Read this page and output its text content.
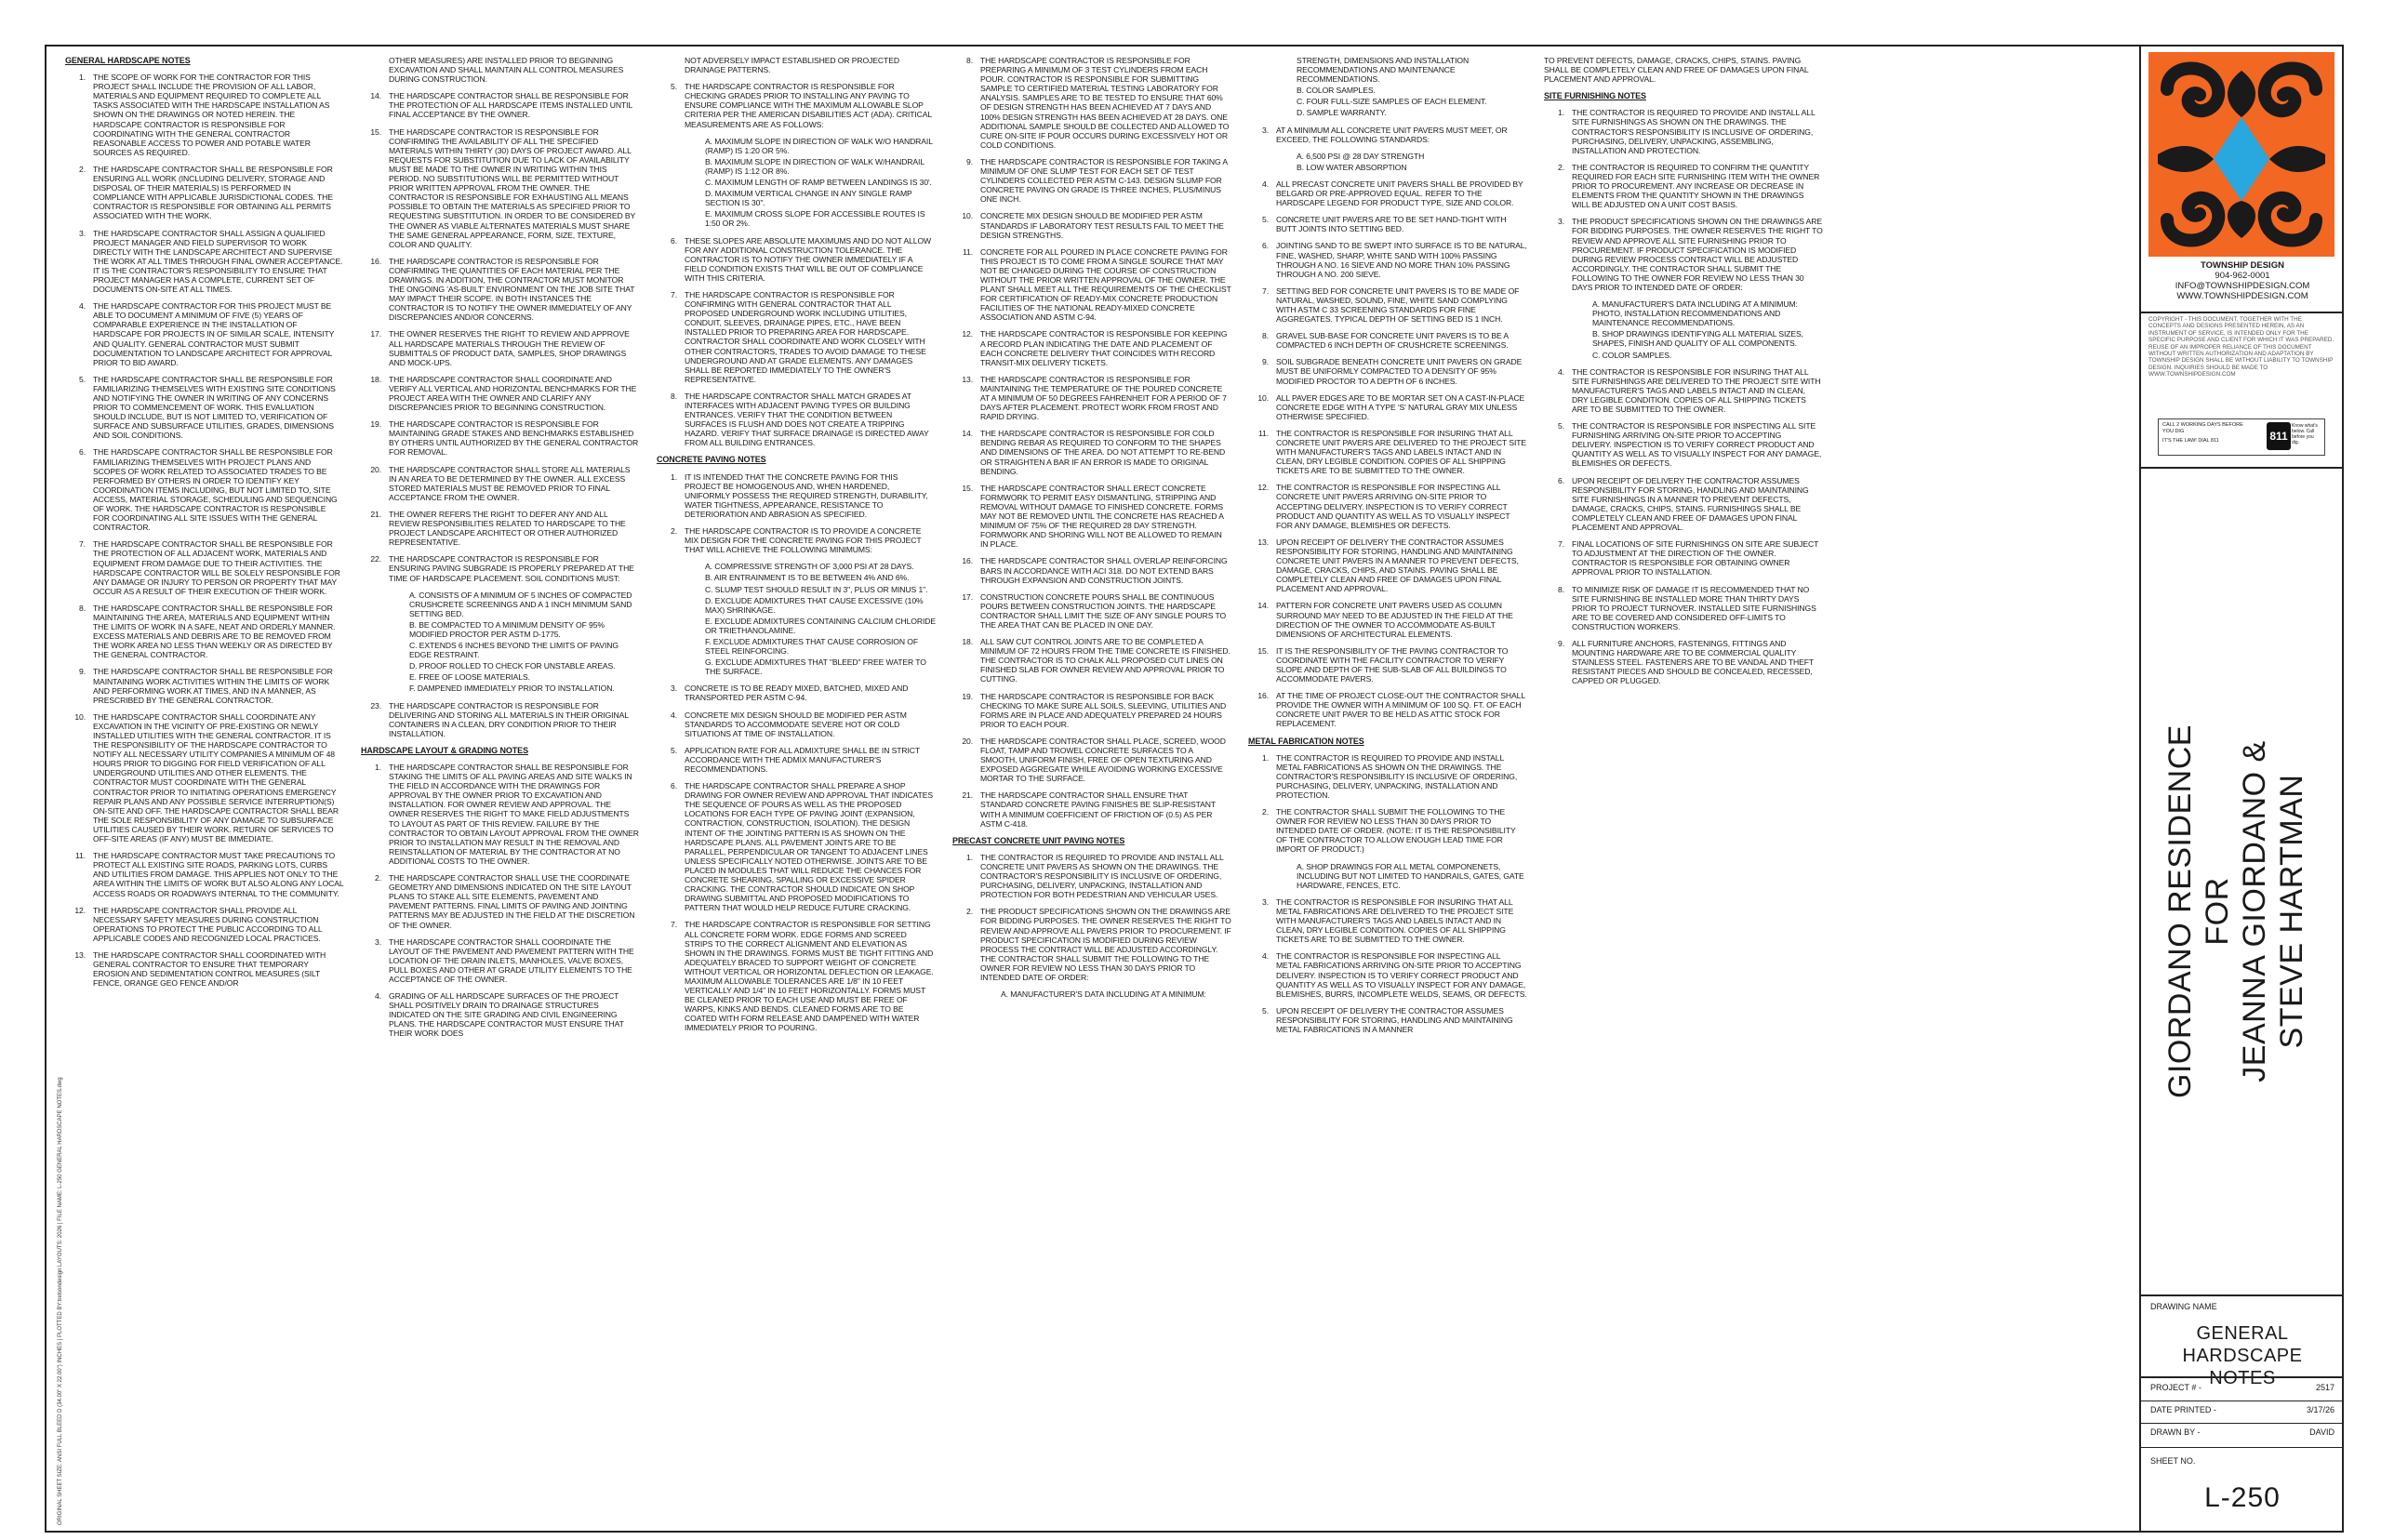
GENERAL HARDSCAPE NOTES
1. THE SCOPE OF WORK FOR THE CONTRACTOR FOR THIS PROJECT SHALL INCLUDE THE PROVISION OF ALL LABOR, MATERIALS AND EQUIPMENT REQUIRED TO COMPLETE ALL TASKS ASSOCIATED WITH THE HARDSCAPE INSTALLATION AS SHOWN ON THE DRAWINGS OR NOTED HEREIN. THE HARDSCAPE CONTRACTOR IS RESPONSIBLE FOR COORDINATING WITH THE GENERAL CONTRACTOR REASONABLE ACCESS TO POWER AND POTABLE WATER SOURCES AS REQUIRED.
2. THE HARDSCAPE CONTRACTOR SHALL BE RESPONSIBLE FOR ENSURING ALL WORK (INCLUDING DELIVERY, STORAGE AND DISPOSAL OF THEIR MATERIALS) IS PERFORMED IN COMPLIANCE WITH APPLICABLE JURISDICTIONAL CODES. THE CONTRACTOR IS RESPONSIBLE FOR OBTAINING ALL PERMITS ASSOCIATED WITH THE WORK.
3. THE HARDSCAPE CONTRACTOR SHALL ASSIGN A QUALIFIED PROJECT MANAGER AND FIELD SUPERVISOR TO WORK DIRECTLY WITH THE LANDSCAPE ARCHITECT AND SUPERVISE THE WORK AT ALL TIMES THROUGH FINAL OWNER ACCEPTANCE. IT IS THE CONTRACTOR'S RESPONSIBILITY TO ENSURE THAT PROJECT MANAGER HAS A COMPLETE, CURRENT SET OF DOCUMENTS ON-SITE AT ALL TIMES.
4. THE HARDSCAPE CONTRACTOR FOR THIS PROJECT MUST BE ABLE TO DOCUMENT A MINIMUM OF FIVE (5) YEARS OF COMPARABLE EXPERIENCE IN THE INSTALLATION OF HARDSCAPE FOR PROJECTS IN OF SIMILAR SCALE, INTENSITY AND QUALITY. GENERAL CONTRACTOR MUST SUBMIT DOCUMENTATION TO LANDSCAPE ARCHITECT FOR APPROVAL PRIOR TO BID AWARD.
5. THE HARDSCAPE CONTRACTOR SHALL BE RESPONSIBLE FOR FAMILIARIZING THEMSELVES WITH EXISTING SITE CONDITIONS AND NOTIFYING THE OWNER IN WRITING OF ANY CONCERNS PRIOR TO COMMENCEMENT OF WORK. THIS EVALUATION SHOULD INCLUDE, BUT IS NOT LIMITED TO, VERIFICATION OF SURFACE AND SUBSURFACE UTILITIES, GRADES, DIMENSIONS AND SOIL CONDITIONS.
6. THE HARDSCAPE CONTRACTOR SHALL BE RESPONSIBLE FOR FAMILIARIZING THEMSELVES WITH PROJECT PLANS AND SCOPES OF WORK RELATED TO ASSOCIATED TRADES TO BE PERFORMED BY OTHERS IN ORDER TO IDENTIFY KEY COORDINATION ITEMS INCLUDING, BUT NOT LIMITED TO, SITE ACCESS, MATERIAL STORAGE, SCHEDULING AND SEQUENCING OF WORK. THE HARDSCAPE CONTRACTOR IS RESPONSIBLE FOR COORDINATING ALL SITE ISSUES WITH THE GENERAL CONTRACTOR.
7. THE HARDSCAPE CONTRACTOR SHALL BE RESPONSIBLE FOR THE PROTECTION OF ALL ADJACENT WORK, MATERIALS AND EQUIPMENT FROM DAMAGE DUE TO THEIR ACTIVITIES. THE HARDSCAPE CONTRACTOR WILL BE SOLELY RESPONSIBLE FOR ANY DAMAGE OR INJURY TO PERSON OR PROPERTY THAT MAY OCCUR AS A RESULT OF THEIR EXECUTION OF THEIR WORK.
8. THE HARDSCAPE CONTRACTOR SHALL BE RESPONSIBLE FOR MAINTAINING THE AREA, MATERIALS AND EQUIPMENT WITHIN THE LIMITS OF WORK IN A SAFE, NEAT AND ORDERLY MANNER. EXCESS MATERIALS AND DEBRIS ARE TO BE REMOVED FROM THE WORK AREA NO LESS THAN WEEKLY OR AS DIRECTED BY THE GENERAL CONTRACTOR.
9. THE HARDSCAPE CONTRACTOR SHALL BE RESPONSIBLE FOR MAINTAINING WORK ACTIVITIES WITHIN THE LIMITS OF WORK AND PERFORMING WORK AT TIMES, AND IN A MANNER, AS PRESCRIBED BY THE GENERAL CONTRACTOR.
10. THE HARDSCAPE CONTRACTOR SHALL COORDINATE ANY EXCAVATION IN THE VICINITY OF PRE-EXISTING OR NEWLY INSTALLED UTILITIES WITH THE GENERAL CONTRACTOR. IT IS THE RESPONSIBILITY OF THE HARDSCAPE CONTRACTOR TO NOTIFY ALL NECESSARY UTILITY COMPANIES A MINIMUM OF 48 HOURS PRIOR TO DIGGING FOR FIELD VERIFICATION OF ALL UNDERGROUND UTILITIES AND OTHER ELEMENTS. THE CONTRACTOR MUST COORDINATE WITH THE GENERAL CONTRACTOR PRIOR TO INITIATING OPERATIONS EMERGENCY REPAIR PLANS AND ANY POSSIBLE SERVICE INTERRUPTION(S) ON-SITE AND OFF. THE HARDSCAPE CONTRACTOR SHALL BEAR THE SOLE RESPONSIBILITY OF ANY DAMAGE TO SUBSURFACE UTILITIES CAUSED BY THEIR WORK. RETURN OF SERVICES TO OFF-SITE AREAS (IF ANY) MUST BE IMMEDIATE.
11. THE HARDSCAPE CONTRACTOR MUST TAKE PRECAUTIONS TO PROTECT ALL EXISTING SITE ROADS, PARKING LOTS, CURBS AND UTILITIES FROM DAMAGE. THIS APPLIES NOT ONLY TO THE AREA WITHIN THE LIMITS OF WORK BUT ALSO ALONG ANY LOCAL ACCESS ROADS OR ROADWAYS INTERNAL TO THE COMMUNITY.
12. THE HARDSCAPE CONTRACTOR SHALL PROVIDE ALL NECESSARY SAFETY MEASURES DURING CONSTRUCTION OPERATIONS TO PROTECT THE PUBLIC ACCORDING TO ALL APPLICABLE CODES AND RECOGNIZED LOCAL PRACTICES.
13. THE HARDSCAPE CONTRACTOR SHALL COORDINATED WITH GENERAL CONTRACTOR TO ENSURE THAT TEMPORARY EROSION AND SEDIMENTATION CONTROL MEASURES (SILT FENCE, ORANGE GEO FENCE AND/OR
OTHER MEASURES) ARE INSTALLED PRIOR TO BEGINNING EXCAVATION AND SHALL MAINTAIN ALL CONTROL MEASURES DURING CONSTRUCTION.
14. THE HARDSCAPE CONTRACTOR SHALL BE RESPONSIBLE FOR THE PROTECTION OF ALL HARDSCAPE ITEMS INSTALLED UNTIL FINAL ACCEPTANCE BY THE OWNER.
15. THE HARDSCAPE CONTRACTOR IS RESPONSIBLE FOR CONFIRMING THE AVAILABILITY OF ALL THE SPECIFIED MATERIALS WITHIN THIRTY (30) DAYS OF PROJECT AWARD. ALL REQUESTS FOR SUBSTITUTION DUE TO LACK OF AVAILABILITY MUST BE MADE TO THE OWNER IN WRITING WITHIN THIS PERIOD. NO SUBSTITUTIONS WILL BE PERMITTED WITHOUT PRIOR WRITTEN APPROVAL FROM THE OWNER. THE CONTRACTOR IS RESPONSIBLE FOR EXHAUSTING ALL MEANS POSSIBLE TO OBTAIN THE MATERIALS AS SPECIFIED PRIOR TO REQUESTING SUBSTITUTION. IN ORDER TO BE CONSIDERED BY THE OWNER AS VIABLE ALTERNATES MATERIALS MUST SHARE THE SAME GENERAL APPEARANCE, FORM, SIZE, TEXTURE, COLOR AND QUALITY.
16. THE HARDSCAPE CONTRACTOR IS RESPONSIBLE FOR CONFIRMING THE QUANTITIES OF EACH MATERIAL PER THE DRAWINGS. IN ADDITION, THE CONTRACTOR MUST MONITOR THE ONGOING 'AS-BUILT' ENVIRONMENT ON THE JOB SITE THAT MAY IMPACT THEIR SCOPE. IN BOTH INSTANCES THE CONTRACTOR IS TO NOTIFY THE OWNER IMMEDIATELY OF ANY DISCREPANCIES AND/OR CONCERNS.
17. THE OWNER RESERVES THE RIGHT TO REVIEW AND APPROVE ALL HARDSCAPE MATERIALS THROUGH THE REVIEW OF SUBMITTALS OF PRODUCT DATA, SAMPLES, SHOP DRAWINGS AND MOCK-UPS.
18. THE HARDSCAPE CONTRACTOR SHALL COORDINATE AND VERIFY ALL VERTICAL AND HORIZONTAL BENCHMARKS FOR THE PROJECT AREA WITH THE OWNER AND CLARIFY ANY DISCREPANCIES PRIOR TO BEGINNING CONSTRUCTION.
19. THE HARDSCAPE CONTRACTOR IS RESPONSIBLE FOR MAINTAINING GRADE STAKES AND BENCHMARKS ESTABLISHED BY OTHERS UNTIL AUTHORIZED BY THE GENERAL CONTRACTOR FOR REMOVAL.
20. THE HARDSCAPE CONTRACTOR SHALL STORE ALL MATERIALS IN AN AREA TO BE DETERMINED BY THE OWNER. ALL EXCESS STORED MATERIALS MUST BE REMOVED PRIOR TO FINAL ACCEPTANCE FROM THE OWNER.
21. THE OWNER REFERS THE RIGHT TO DEFER ANY AND ALL REVIEW RESPONSIBILITIES RELATED TO HARDSCAPE TO THE PROJECT LANDSCAPE ARCHITECT OR OTHER AUTHORIZED REPRESENTATIVE.
22. THE HARDSCAPE CONTRACTOR IS RESPONSIBLE FOR ENSURING PAVING SUBGRADE IS PROPERLY PREPARED AT THE TIME OF HARDSCAPE PLACEMENT. SOIL CONDITIONS MUST:
A. CONSISTS OF A MINIMUM OF 5 INCHES OF COMPACTED CRUSHCRETE SCREENINGS AND A 1 INCH MINIMUM SAND SETTING BED.
B. BE COMPACTED TO A MINIMUM DENSITY OF 95% MODIFIED PROCTOR PER ASTM D-1775.
C. EXTENDS 6 INCHES BEYOND THE LIMITS OF PAVING EDGE RESTRAINT.
D. PROOF ROLLED TO CHECK FOR UNSTABLE AREAS.
E. FREE OF LOOSE MATERIALS.
F. DAMPENED IMMEDIATELY PRIOR TO INSTALLATION.
23. THE HARDSCAPE CONTRACTOR IS RESPONSIBLE FOR DELIVERING AND STORING ALL MATERIALS IN THEIR ORIGINAL CONTAINERS IN A CLEAN, DRY CONDITION PRIOR TO THEIR INSTALLATION.
HARDSCAPE LAYOUT & GRADING NOTES
1. THE HARDSCAPE CONTRACTOR SHALL BE RESPONSIBLE FOR STAKING THE LIMITS OF ALL PAVING AREAS AND SITE WALKS IN THE FIELD IN ACCORDANCE WITH THE DRAWINGS FOR APPROVAL BY THE OWNER PRIOR TO EXCAVATION AND INSTALLATION. FOR OWNER REVIEW AND APPROVAL. THE OWNER RESERVES THE RIGHT TO MAKE FIELD ADJUSTMENTS TO LAYOUT AS PART OF THIS REVIEW. FAILURE BY THE CONTRACTOR TO OBTAIN LAYOUT APPROVAL FROM THE OWNER PRIOR TO INSTALLATION MAY RESULT IN THE REMOVAL AND REINSTALLATION OF MATERIAL BY THE CONTRACTOR AT NO ADDITIONAL COSTS TO THE OWNER.
2. THE HARDSCAPE CONTRACTOR SHALL USE THE COORDINATE GEOMETRY AND DIMENSIONS INDICATED ON THE SITE LAYOUT PLANS TO STAKE ALL SITE ELEMENTS, PAVEMENT AND PAVEMENT PATTERNS. FINAL LIMITS OF PAVING AND JOINTING PATTERNS MAY BE ADJUSTED IN THE FIELD AT THE DISCRETION OF THE OWNER.
3. THE HARDSCAPE CONTRACTOR SHALL COORDINATE THE LAYOUT OF THE PAVEMENT AND PAVEMENT PATTERN WITH THE LOCATION OF THE DRAIN INLETS, MANHOLES, VALVE BOXES, PULL BOXES AND OTHER AT GRADE UTILITY ELEMENTS TO THE ACCEPTANCE OF THE OWNER.
4. GRADING OF ALL HARDSCAPE SURFACES OF THE PROJECT SHALL POSITIVELY DRAIN TO DRAINAGE STRUCTURES INDICATED ON THE SITE GRADING AND CIVIL ENGINEERING PLANS. THE HARDSCAPE CONTRACTOR MUST ENSURE THAT THEIR WORK DOES
NOT ADVERSELY IMPACT ESTABLISHED OR PROJECTED DRAINAGE PATTERNS.
5. THE HARDSCAPE CONTRACTOR IS RESPONSIBLE FOR CHECKING GRADES PRIOR TO INSTALLING ANY PAVING TO ENSURE COMPLIANCE WITH THE MAXIMUM ALLOWABLE SLOP CRITERIA PER THE AMERICAN DISABILITIES ACT (ADA). CRITICAL MEASUREMENTS ARE AS FOLLOWS:
A. MAXIMUM SLOPE IN DIRECTION OF WALK W/O HANDRAIL (RAMP) IS 1:20 OR 5%.
B. MAXIMUM SLOPE IN DIRECTION OF WALK W/HANDRAIL (RAMP) IS 1:12 OR 8%.
C. MAXIMUM LENGTH OF RAMP BETWEEN LANDINGS IS 30'.
D. MAXIMUM VERTICAL CHANGE IN ANY SINGLE RAMP SECTION IS 30".
E. MAXIMUM CROSS SLOPE FOR ACCESSIBLE ROUTES IS 1:50 OR 2%.
6. THESE SLOPES ARE ABSOLUTE MAXIMUMS AND DO NOT ALLOW FOR ANY ADDITIONAL CONSTRUCTION TOLERANCE. THE CONTRACTOR IS TO NOTIFY THE OWNER IMMEDIATELY IF A FIELD CONDITION EXISTS THAT WILL BE OUT OF COMPLIANCE WITH THIS CRITERIA.
7. THE HARDSCAPE CONTRACTOR IS RESPONSIBLE FOR CONFIRMING WITH GENERAL CONTRACTOR THAT ALL PROPOSED UNDERGROUND WORK INCLUDING UTILITIES, CONDUIT, SLEEVES, DRAINAGE PIPES, ETC., HAVE BEEN INSTALLED PRIOR TO PREPARING AREA FOR HARDSCAPE. CONTRACTOR SHALL COORDINATE AND WORK CLOSELY WITH OTHER CONTRACTORS, TRADES TO AVOID DAMAGE TO THESE UNDERGROUND AND AT GRADE ELEMENTS. ANY DAMAGES SHALL BE REPORTED IMMEDIATELY TO THE OWNER'S REPRESENTATIVE.
8. THE HARDSCAPE CONTRACTOR SHALL MATCH GRADES AT INTERFACES WITH ADJACENT PAVING TYPES OR BUILDING ENTRANCES. VERIFY THAT THE CONDITION BETWEEN SURFACES IS FLUSH AND DOES NOT CREATE A TRIPPING HAZARD. VERIFY THAT SURFACE DRAINAGE IS DIRECTED AWAY FROM ALL BUILDING ENTRANCES.
CONCRETE PAVING NOTES
1. IT IS INTENDED THAT THE CONCRETE PAVING FOR THIS PROJECT BE HOMOGENOUS AND, WHEN HARDENED, UNIFORMLY POSSESS THE REQUIRED STRENGTH, DURABILITY, WATER TIGHTNESS, APPEARANCE, RESISTANCE TO DETERIORATION AND ABRASION AS SPECIFIED.
2. THE HARDSCAPE CONTRACTOR IS TO PROVIDE A CONCRETE MIX DESIGN FOR THE CONCRETE PAVING FOR THIS PROJECT THAT WILL ACHIEVE THE FOLLOWING MINIMUMS:
A. COMPRESSIVE STRENGTH OF 3,000 PSI AT 28 DAYS.
B. AIR ENTRAINMENT IS TO BE BETWEEN 4% AND 6%.
C. SLUMP TEST SHOULD RESULT IN 3", PLUS OR MINUS 1".
D. EXCLUDE ADMIXTURES THAT CAUSE EXCESSIVE (10% MAX) SHRINKAGE.
E. EXCLUDE ADMIXTURES CONTAINING CALCIUM CHLORIDE OR TRIETHANOLAMINE.
F. EXCLUDE ADMIXTURES THAT CAUSE CORROSION OF STEEL REINFORCING.
G. EXCLUDE ADMIXTURES THAT "BLEED" FREE WATER TO THE SURFACE.
3. CONCRETE IS TO BE READY MIXED, BATCHED, MIXED AND TRANSPORTED PER ASTM C-94.
4. CONCRETE MIX DESIGN SHOULD BE MODIFIED PER ASTM STANDARDS TO ACCOMMODATE SEVERE HOT OR COLD SITUATIONS AT TIME OF INSTALLATION.
5. APPLICATION RATE FOR ALL ADMIXTURE SHALL BE IN STRICT ACCORDANCE WITH THE ADMIX MANUFACTURER'S RECOMMENDATIONS.
6. THE HARDSCAPE CONTRACTOR SHALL PREPARE A SHOP DRAWING FOR OWNER REVIEW AND APPROVAL THAT INDICATES THE SEQUENCE OF POURS AS WELL AS THE PROPOSED LOCATIONS FOR EACH TYPE OF PAVING JOINT (EXPANSION, CONTRACTION, CONSTRUCTION, ISOLATION). THE DESIGN INTENT OF THE JOINTING PATTERN IS AS SHOWN ON THE HARDSCAPE PLANS. ALL PAVEMENT JOINTS ARE TO BE PARALLEL, PERPENDICULAR OR TANGENT TO ADJACENT LINES UNLESS SPECIFICALLY NOTED OTHERWISE. JOINTS ARE TO BE PLACED IN MODULES THAT WILL REDUCE THE CHANCES FOR CONCRETE SHEARING, SPALLING OR EXCESSIVE SPIDER CRACKING. THE CONTRACTOR SHOULD INDICATE ON SHOP DRAWING SUBMITTAL AND PROPOSED MODIFICATIONS TO PATTERN THAT WOULD HELP REDUCE FUTURE CRACKING.
7. THE HARDSCAPE CONTRACTOR IS RESPONSIBLE FOR SETTING ALL CONCRETE FORM WORK. EDGE FORMS AND SCREED STRIPS TO THE CORRECT ALIGNMENT AND ELEVATION AS SHOWN IN THE DRAWINGS. FORMS MUST BE TIGHT FITTING AND ADEQUATELY BRACED TO SUPPORT WEIGHT OF CONCRETE WITHOUT VERTICAL OR HORIZONTAL DEFLECTION OR LEAKAGE. MAXIMUM ALLOWABLE TOLERANCES ARE 1/8" IN 10 FEET VERTICALLY AND 1/4" IN 10 FEET HORIZONTALLY. FORMS MUST BE CLEANED PRIOR TO EACH USE AND MUST BE FREE OF WARPS, KINKS AND BENDS. CLEANED FORMS ARE TO BE COATED WITH FORM RELEASE AND DAMPENED WITH WATER IMMEDIATELY PRIOR TO POURING.
8. THE HARDSCAPE CONTRACTOR IS RESPONSIBLE FOR PREPARING A MINIMUM OF 3 TEST CYLINDERS FROM EACH POUR. CONTRACTOR IS RESPONSIBLE FOR SUBMITTING SAMPLE TO CERTIFIED MATERIAL TESTING LABORATORY FOR ANALYSIS. SAMPLES ARE TO BE TESTED TO ENSURE THAT 60% OF DESIGN STRENGTH HAS BEEN ACHIEVED AT 7 DAYS AND 100% DESIGN STRENGTH HAS BEEN ACHIEVED AT 28 DAYS. ONE ADDITIONAL SAMPLE SHOULD BE COLLECTED AND ALLOWED TO CURE ON-SITE IF POUR OCCURS DURING EXCESSIVELY HOT OR COLD CONDITIONS.
9. THE HARDSCAPE CONTRACTOR IS RESPONSIBLE FOR TAKING A MINIMUM OF ONE SLUMP TEST FOR EACH SET OF TEST CYLINDERS COLLECTED PER ASTM C-143. DESIGN SLUMP FOR CONCRETE PAVING ON GRADE IS THREE INCHES, PLUS/MINUS ONE INCH.
10. CONCRETE MIX DESIGN SHOULD BE MODIFIED PER ASTM STANDARDS IF LABORATORY TEST RESULTS FAIL TO MEET THE DESIGN STRENGTHS.
11. CONCRETE FOR ALL POURED IN PLACE CONCRETE PAVING FOR THIS PROJECT IS TO COME FROM A SINGLE SOURCE THAT MAY NOT BE CHANGED DURING THE COURSE OF CONSTRUCTION WITHOUT THE PRIOR WRITTEN APPROVAL OF THE OWNER. THE PLANT SHALL MEET ALL THE REQUIREMENTS OF THE CHECKLIST FOR CERTIFICATION OF READY-MIX CONCRETE PRODUCTION FACILITIES OF THE NATIONAL READY-MIXED CONCRETE ASSOCIATION AND ASTM C-94.
12. THE HARDSCAPE CONTRACTOR IS RESPONSIBLE FOR KEEPING A RECORD PLAN INDICATING THE DATE AND PLACEMENT OF EACH CONCRETE DELIVERY THAT COINCIDES WITH RECORD TRANSIT-MIX DELIVERY TICKETS.
13. THE HARDSCAPE CONTRACTOR IS RESPONSIBLE FOR MAINTAINING THE TEMPERATURE OF THE POURED CONCRETE AT A MINIMUM OF 50 DEGREES FAHRENHEIT FOR A PERIOD OF 7 DAYS AFTER PLACEMENT. PROTECT WORK FROM FROST AND RAPID DRYING.
14. THE HARDSCAPE CONTRACTOR IS RESPONSIBLE FOR COLD BENDING REBAR AS REQUIRED TO CONFORM TO THE SHAPES AND DIMENSIONS OF THE AREA. DO NOT ATTEMPT TO RE-BEND OR STRAIGHTEN A BAR IF AN ERROR IS MADE TO ORIGINAL BENDING.
15. THE HARDSCAPE CONTRACTOR SHALL ERECT CONCRETE FORMWORK TO PERMIT EASY DISMANTLING, STRIPPING AND REMOVAL WITHOUT DAMAGE TO FINISHED CONCRETE. FORMS MAY NOT BE REMOVED UNTIL THE CONCRETE HAS REACHED A MINIMUM OF 75% OF THE REQUIRED 28 DAY STRENGTH. FORMWORK AND SHORING WILL NOT BE ALLOWED TO REMAIN IN PLACE.
16. THE HARDSCAPE CONTRACTOR SHALL OVERLAP REINFORCING BARS IN ACCORDANCE WITH ACI 318. DO NOT EXTEND BARS THROUGH EXPANSION AND CONSTRUCTION JOINTS.
17. CONSTRUCTION CONCRETE POURS SHALL BE CONTINUOUS POURS BETWEEN CONSTRUCTION JOINTS. THE HARDSCAPE CONTRACTOR SHALL LIMIT THE SIZE OF ANY SINGLE POURS TO THE AREA THAT CAN BE PLACED IN ONE DAY.
18. ALL SAW CUT CONTROL JOINTS ARE TO BE COMPLETED A MINIMUM OF 72 HOURS FROM THE TIME CONCRETE IS FINISHED. THE CONTRACTOR IS TO CHALK ALL PROPOSED CUT LINES ON FINISHED SLAB FOR OWNER REVIEW AND APPROVAL PRIOR TO CUTTING.
19. THE HARDSCAPE CONTRACTOR IS RESPONSIBLE FOR BACK CHECKING TO MAKE SURE ALL SOILS, SLEEVING, UTILITIES AND FORMS ARE IN PLACE AND ADEQUATELY PREPARED 24 HOURS PRIOR TO EACH POUR.
20. THE HARDSCAPE CONTRACTOR SHALL PLACE, SCREED, WOOD FLOAT, TAMP AND TROWEL CONCRETE SURFACES TO A SMOOTH, UNIFORM FINISH, FREE OF OPEN TEXTURING AND EXPOSED AGGREGATE WHILE AVOIDING WORKING EXCESSIVE MORTAR TO THE SURFACE.
21. THE HARDSCAPE CONTRACTOR SHALL ENSURE THAT STANDARD CONCRETE PAVING FINISHES BE SLIP-RESISTANT WITH A MINIMUM COEFFICIENT OF FRICTION OF (0.5) AS PER ASTM C-418.
PRECAST CONCRETE UNIT PAVING NOTES
1. THE CONTRACTOR IS REQUIRED TO PROVIDE AND INSTALL ALL CONCRETE UNIT PAVERS AS SHOWN ON THE DRAWINGS. THE CONTRACTOR'S RESPONSIBILITY IS INCLUSIVE OF ORDERING, PURCHASING, DELIVERY, UNPACKING, INSTALLATION AND PROTECTION FOR BOTH PEDESTRIAN AND VEHICULAR USES.
2. THE PRODUCT SPECIFICATIONS SHOWN ON THE DRAWINGS ARE FOR BIDDING PURPOSES. THE OWNER RESERVES THE RIGHT TO REVIEW AND APPROVE ALL PAVERS PRIOR TO PROCUREMENT. IF PRODUCT SPECIFICATION IS MODIFIED DURING REVIEW PROCESS THE CONTRACT WILL BE ADJUSTED ACCORDINGLY. THE CONTRACTOR SHALL SUBMIT THE FOLLOWING TO THE OWNER FOR REVIEW NO LESS THAN 30 DAYS PRIOR TO INTENDED DATE OF ORDER:
A. MANUFACTURER'S DATA INCLUDING AT A MINIMUM:
STRENGTH, DIMENSIONS AND INSTALLATION RECOMMENDATIONS AND MAINTENANCE RECOMMENDATIONS.
B. COLOR SAMPLES.
C. FOUR FULL-SIZE SAMPLES OF EACH ELEMENT.
D. SAMPLE WARRANTY.
3. AT A MINIMUM ALL CONCRETE UNIT PAVERS MUST MEET, OR EXCEED, THE FOLLOWING STANDARDS:
A. 6,500 PSI @ 28 DAY STRENGTH
B. LOW WATER ABSORPTION
4. ALL PRECAST CONCRETE UNIT PAVERS SHALL BE PROVIDED BY BELGARD OR PRE-APPROVED EQUAL. REFER TO THE HARDSCAPE LEGEND FOR PRODUCT TYPE, SIZE AND COLOR.
5. CONCRETE UNIT PAVERS ARE TO BE SET HAND-TIGHT WITH BUTT JOINTS INTO SETTING BED.
6. JOINTING SAND TO BE SWEPT INTO SURFACE IS TO BE NATURAL, FINE, WASHED, SHARP, WHITE SAND WITH 100% PASSING THROUGH A NO. 16 SIEVE AND NO MORE THAN 10% PASSING THROUGH A NO. 200 SIEVE.
7. SETTING BED FOR CONCRETE UNIT PAVERS IS TO BE MADE OF NATURAL, WASHED, SOUND, FINE, WHITE SAND COMPLYING WITH ASTM C 33 SCREENING STANDARDS FOR FINE AGGREGATES. TYPICAL DEPTH OF SETTING BED IS 1 INCH.
8. GRAVEL SUB-BASE FOR CONCRETE UNIT PAVERS IS TO BE A COMPACTED 6 INCH DEPTH OF CRUSHCRETE SCREENINGS.
9. SOIL SUBGRADE BENEATH CONCRETE UNIT PAVERS ON GRADE MUST BE UNIFORMLY COMPACTED TO A DENSITY OF 95% MODIFIED PROCTOR TO A DEPTH OF 6 INCHES.
10. ALL PAVER EDGES ARE TO BE MORTAR SET ON A CAST-IN-PLACE CONCRETE EDGE WITH A TYPE 'S' NATURAL GRAY MIX UNLESS OTHERWISE SPECIFIED.
11. THE CONTRACTOR IS RESPONSIBLE FOR INSURING THAT ALL CONCRETE UNIT PAVERS ARE DELIVERED TO THE PROJECT SITE WITH MANUFACTURER'S TAGS AND LABELS INTACT AND IN CLEAN, DRY LEGIBLE CONDITION. COPIES OF ALL SHIPPING TICKETS ARE TO BE SUBMITTED TO THE OWNER.
12. THE CONTRACTOR IS RESPONSIBLE FOR INSPECTING ALL CONCRETE UNIT PAVERS ARRIVING ON-SITE PRIOR TO ACCEPTING DELIVERY. INSPECTION IS TO VERIFY CORRECT PRODUCT AND QUANTITY AS WELL AS TO VISUALLY INSPECT FOR ANY DAMAGE, BLEMISHES OR DEFECTS.
13. UPON RECEIPT OF DELIVERY THE CONTRACTOR ASSUMES RESPONSIBILITY FOR STORING, HANDLING AND MAINTAINING CONCRETE UNIT PAVERS IN A MANNER TO PREVENT DEFECTS, DAMAGE, CRACKS, CHIPS, AND STAINS. PAVING SHALL BE COMPLETELY CLEAN AND FREE OF DAMAGES UPON FINAL PLACEMENT AND APPROVAL.
14. PATTERN FOR CONCRETE UNIT PAVERS USED AS COLUMN SURROUND MAY NEED TO BE ADJUSTED IN THE FIELD AT THE DIRECTION OF THE OWNER TO ACCOMMODATE AS-BUILT DIMENSIONS OF ARCHITECTURAL ELEMENTS.
15. IT IS THE RESPONSIBILITY OF THE PAVING CONTRACTOR TO COORDINATE WITH THE FACILITY CONTRACTOR TO VERIFY SLOPE AND DEPTH OF THE SUB-SLAB OF ALL BUILDINGS TO ACCOMMODATE PAVERS.
16. AT THE TIME OF PROJECT CLOSE-OUT THE CONTRACTOR SHALL PROVIDE THE OWNER WITH A MINIMUM OF 100 SQ. FT. OF EACH CONCRETE UNIT PAVER TO BE HELD AS ATTIC STOCK FOR REPLACEMENT.
METAL FABRICATION NOTES
1. THE CONTRACTOR IS REQUIRED TO PROVIDE AND INSTALL METAL FABRICATIONS AS SHOWN ON THE DRAWINGS. THE CONTRACTOR'S RESPONSIBILITY IS INCLUSIVE OF ORDERING, PURCHASING, DELIVERY, UNPACKING, INSTALLATION AND PROTECTION.
2. THE CONTRACTOR SHALL SUBMIT THE FOLLOWING TO THE OWNER FOR REVIEW NO LESS THAN 30 DAYS PRIOR TO INTENDED DATE OF ORDER. (NOTE: IT IS THE RESPONSIBILITY OF THE CONTRACTOR TO ALLOW ENOUGH LEAD TIME FOR IMPORT OF PRODUCT.)
A. SHOP DRAWINGS FOR ALL METAL COMPONENETS, INCLUDING BUT NOT LIMITED TO HANDRAILS, GATES, GATE HARDWARE, FENCES, ETC.
3. THE CONTRACTOR IS RESPONSIBLE FOR INSURING THAT ALL METAL FABRICATIONS ARE DELIVERED TO THE PROJECT SITE WITH MANUFACTURER'S TAGS AND LABELS INTACT AND IN CLEAN, DRY LEGIBLE CONDITION. COPIES OF ALL SHIPPING TICKETS ARE TO BE SUBMITTED TO THE OWNER.
4. THE CONTRACTOR IS RESPONSIBLE FOR INSPECTING ALL METAL FABRICATIONS ARRIVING ON-SITE PRIOR TO ACCEPTING DELIVERY. INSPECTION IS TO VERIFY CORRECT PRODUCT AND QUANTITY AS WELL AS TO VISUALLY INSPECT FOR ANY DAMAGE, BLEMISHES, BURRS, INCOMPLETE WELDS, SEAMS, OR DEFECTS.
5. UPON RECEIPT OF DELIVERY THE CONTRACTOR ASSUMES RESPONSIBILITY FOR STORING, HANDLING AND MAINTAINING METAL FABRICATIONS IN A MANNER
TO PREVENT DEFECTS, DAMAGE, CRACKS, CHIPS, STAINS. PAVING SHALL BE COMPLETELY CLEAN AND FREE OF DAMAGES UPON FINAL PLACEMENT AND APPROVAL.
SITE FURNISHING NOTES
1. THE CONTRACTOR IS REQUIRED TO PROVIDE AND INSTALL ALL SITE FURNISHINGS AS SHOWN ON THE DRAWINGS. THE CONTRACTOR'S RESPONSIBILITY IS INCLUSIVE OF ORDERING, PURCHASING, DELIVERY, UNPACKING, ASSEMBLING, INSTALLATION AND PROTECTION.
2. THE CONTRACTOR IS REQUIRED TO CONFIRM THE QUANTITY REQUIRED FOR EACH SITE FURNISHING ITEM WITH THE OWNER PRIOR TO PROCUREMENT. ANY INCREASE OR DECREASE IN ELEMENTS FROM THE QUANTITY SHOWN IN THE DRAWINGS WILL BE ADJUSTED ON A UNIT COST BASIS.
3. THE PRODUCT SPECIFICATIONS SHOWN ON THE DRAWINGS ARE FOR BIDDING PURPOSES. THE OWNER RESERVES THE RIGHT TO REVIEW AND APPROVE ALL SITE FURNISHING PRIOR TO PROCUREMENT. IF PRODUCT SPECIFICATION IS MODIFIED DURING REVIEW PROCESS CONTRACT WILL BE ADJUSTED ACCORDINGLY. THE CONTRACTOR SHALL SUBMIT THE FOLLOWING TO THE OWNER FOR REVIEW NO LESS THAN 30 DAYS PRIOR TO INTENDED DATE OF ORDER:
A. MANUFACTURER'S DATA INCLUDING AT A MINIMUM: PHOTO, INSTALLATION RECOMMENDATIONS AND MAINTENANCE RECOMMENDATIONS.
B. SHOP DRAWINGS IDENTIFYING ALL MATERIAL SIZES, SHAPES, FINISH AND QUALITY OF ALL COMPONENTS.
C. COLOR SAMPLES.
4. THE CONTRACTOR IS RESPONSIBLE FOR INSURING THAT ALL SITE FURNISHINGS ARE DELIVERED TO THE PROJECT SITE WITH MANUFACTURER'S TAGS AND LABELS INTACT AND IN CLEAN, DRY LEGIBLE CONDITION. COPIES OF ALL SHIPPING TICKETS ARE TO BE SUBMITTED TO THE OWNER.
5. THE CONTRACTOR IS RESPONSIBLE FOR INSPECTING ALL SITE FURNISHING ARRIVING ON-SITE PRIOR TO ACCEPTING DELIVERY. INSPECTION IS TO VERIFY CORRECT PRODUCT AND QUANTITY AS WELL AS TO VISUALLY INSPECT FOR ANY DAMAGE, BLEMISHES OR DEFECTS.
6. UPON RECEIPT OF DELIVERY THE CONTRACTOR ASSUMES RESPONSIBILITY FOR STORING, HANDLING AND MAINTAINING SITE FURNISHINGS IN A MANNER TO PREVENT DEFECTS, DAMAGE, CRACKS, CHIPS, STAINS. FURNISHINGS SHALL BE COMPLETELY CLEAN AND FREE OF DAMAGES UPON FINAL PLACEMENT AND APPROVAL.
7. FINAL LOCATIONS OF SITE FURNISHINGS ON SITE ARE SUBJECT TO ADJUSTMENT AT THE DIRECTION OF THE OWNER. CONTRACTOR IS RESPONSIBLE FOR OBTAINING OWNER APPROVAL PRIOR TO INSTALLATION.
8. TO MINIMIZE RISK OF DAMAGE IT IS RECOMMENDED THAT NO SITE FURNISHING BE INSTALLED MORE THAN THIRTY DAYS PRIOR TO PROJECT TURNOVER. INSTALLED SITE FURNISHINGS ARE TO BE COVERED AND CONSIDERED OFF-LIMITS TO CONSTRUCTION WORKERS.
9. ALL FURNITURE ANCHORS, FASTENINGS, FITTINGS AND MOUNTING HARDWARE ARE TO BE COMMERCIAL QUALITY STAINLESS STEEL. FASTENERS ARE TO BE VANDAL AND THEFT RESISTANT PIECES AND SHOULD BE CONCEALED, RECESSED, CAPPED OR PLUGGED.
ORIGINAL SHEET SIZE: ANSI FULL BLEED D (34.00" X 22.00") INCHES | PLOTTED BY:trelsondesign LAYOUTS: 2026 | FILE NAME: L-250 GENERAL HARDSCAPE NOTES.dwg
TOWNSHIP DESIGN
904-962-0001
INFO@TOWNSHIPDESIGN.COM
WWW.TOWNSHIPDESIGN.COM
COPYRIGHT - THIS DOCUMENT, TOGETHER WITH THE CONCEPTS AND DESIGNS PRESENTED HEREIN, AS AN INSTRUMENT OF SERVICE, IS INTENDED ONLY FOR THE SPECIFIC PURPOSE AND CLIENT FOR WHICH IT WAS PREPARED. REUSE OF AN IMPROPER RELIANCE OF THIS DOCUMENT WITHOUT WRITTEN AUTHORIZATION AND ADAPTATION BY TOWNSHIP DESIGN SHALL BE WITHOUT LIABILITY TO TOWNSHIP DESIGN. INQUIRIES SHOULD BE MADE TO WWW.TOWNSHIPDESIGN.COM
CALL 2 WORKING DAYS BEFORE YOU DIG
IT'S THE LAW! DIAL 811	811
Know what's below. Call before you dig.
GIORDANO RESIDENCE FOR JEANNA GIORDANO & STEVE HARTMAN
DRAWING NAME
GENERAL HARDSCAPE NOTES
PROJECT # -	2517
DATE PRINTED -	3/17/26
DRAWN BY -	DAVID
SHEET NO.
L-250
